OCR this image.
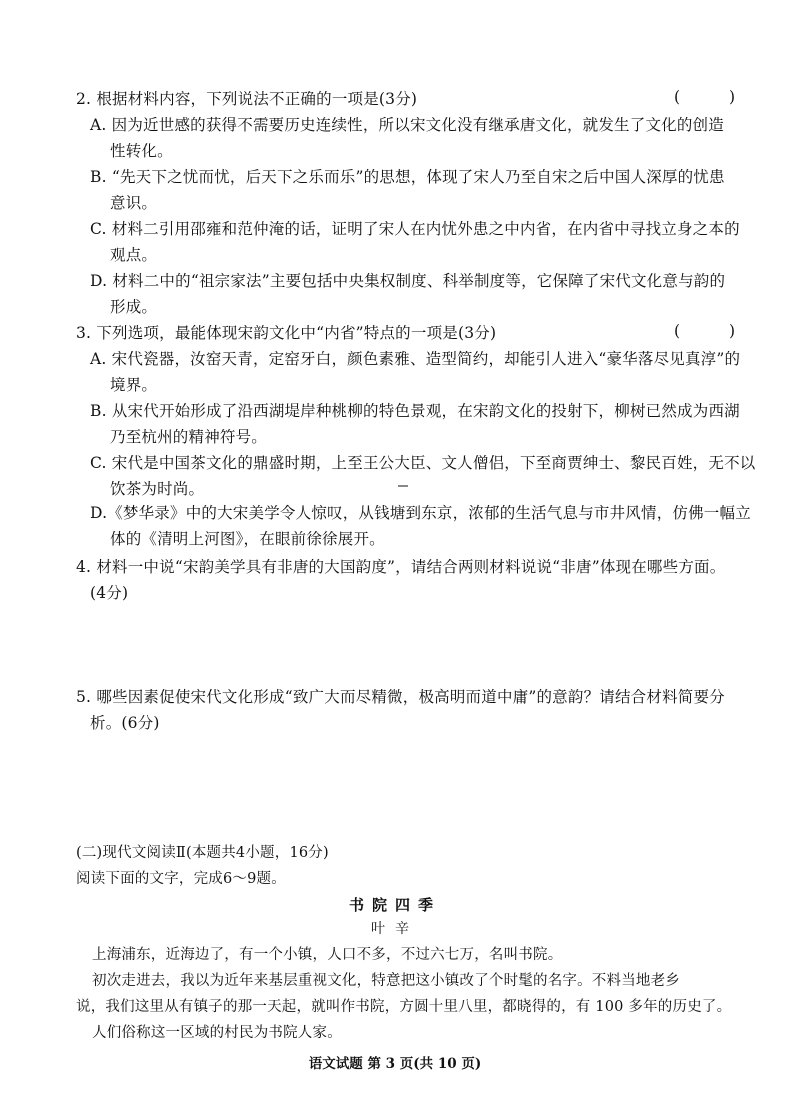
2. 根据材料内容，下列说法不正确的一项是(3分)	( )
A. 因为近世感的获得不需要历史连续性，所以宋文化没有继承唐文化，就发生了文化的创造
性转化。
B. “先天下之忧而忧，后天下之乐而乐”的思想，体现了宋人乃至自宋之后中国人深厚的忧患
意识。
C. 材料二引用邵雍和范仲淹的话，证明了宋人在内忧外患之中内省，在内省中寻找立身之本的
观点。
D. 材料二中的“祖宗家法”主要包括中央集权制度、科举制度等，它保障了宋代文化意与韵的
形成。
3. 下列选项，最能体现宋韵文化中“内省”特点的一项是(3分)	( )
A. 宋代瓷器，汝窑天青，定窑牙白，颜色素雅、造型简约，却能引人进入“豪华落尽见真淳”的
境界。
B. 从宋代开始形成了沿西湖堤岸种桃柳的特色景观，在宋韵文化的投射下，柳树已然成为西湖
乃至杭州的精神符号。
C. 宋代是中国茶文化的鼎盛时期，上至王公大臣、文人僧侣，下至商贾绅士、黎民百姓，无不以
饮茶为时尚。
D.《梦华录》中的大宋美学令人惊叹，从钱塘到东京，浓郁的生活气息与市井风情，仿佛一幅立
体的《清明上河图》，在眼前徐徐展开。
4. 材料一中说“宋韵美学具有非唐的大国韵度”，请结合两则材料说说“非唐”体现在哪些方面。
(4分)
5. 哪些因素促使宋代文化形成“致广大而尽精微，极高明而道中庸”的意韵？请结合材料简要分
析。(6分)
(二)现代文阅读Ⅱ(本题共4小题，16分)
阅读下面的文字，完成6～9题。
书院四季
叶辛
上海浦东，近海边了，有一个小镇，人口不多，不过六七万，名叫书院。
初次走进去，我以为近年来基层重视文化，特意把这小镇改了个时髦的名字。不料当地老乡
说，我们这里从有镇子的那一天起，就叫作书院，方圆十里八里，都晓得的，有 100 多年的历史了。
人们俗称这一区域的村民为书院人家。
语文试题 第 3 页(共 10 页)
